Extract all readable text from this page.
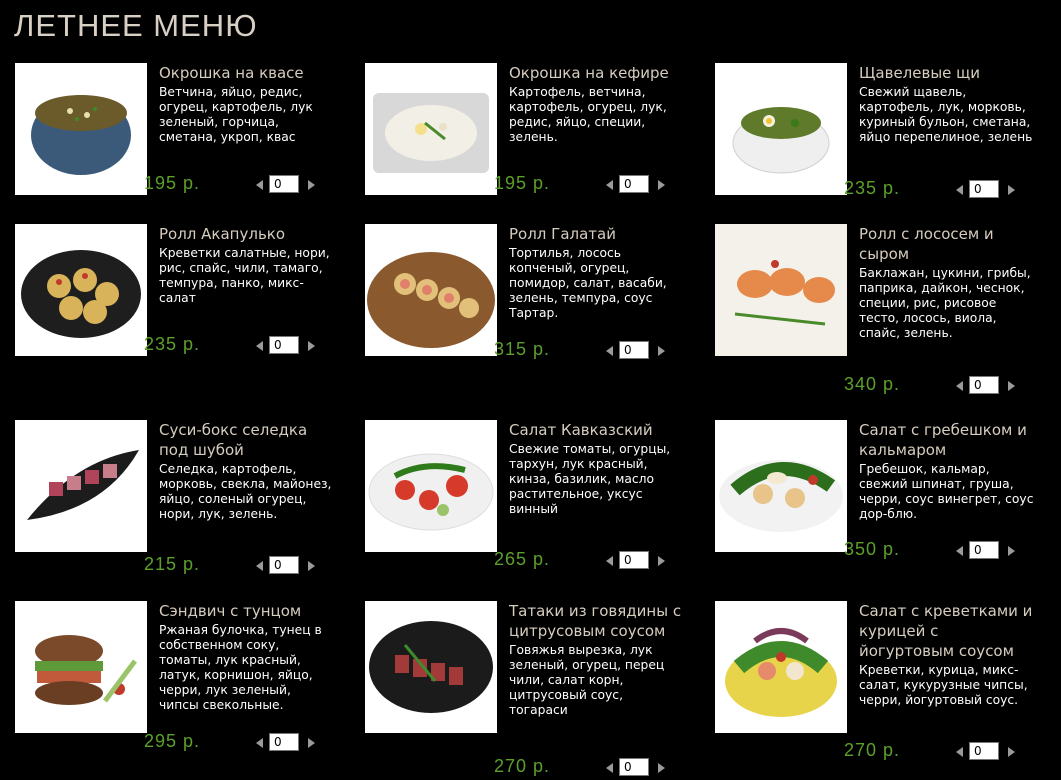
ЛЕТНЕЕ МЕНЮ
Окрошка на квасе
Ветчина, яйцо, редис, огурец, картофель, лук зеленый, горчица, сметана, укроп, квас
195 р.
0
Окрошка на кефире
Картофель, ветчина, картофель, огурец, лук, редис, яйцо, специи, зелень.
195 р.
0
Щавелевые щи
Свежий щавель, картофель, лук, морковь, куриный бульон, сметана, яйцо перепелиное, зелень
235 р.
0
Ролл Акапулько
Креветки салатные, нори, рис, спайс, чили, тамаго, темпура, панко, микс-салат
235 р.
0
Ролл Галатай
Тортилья, лосось копченый, огурец, помидор, салат, васаби, зелень, темпура, соус Тартар.
315 р.
0
Ролл с лососем и сыром
Баклажан, цукини, грибы, паприка, дайкон, чеснок, специи, рис, рисовое тесто, лосось, виола, спайс, зелень.
340 р.
0
Суси-бокс селедка под шубой
Селедка, картофель, морковь, свекла, майонез, яйцо, соленый огурец, нори, лук, зелень.
215 р.
0
Салат Кавказский
Свежие томаты, огурцы, тархун, лук красный, кинза, базилик, масло растительное, уксус винный
265 р.
0
Салат с гребешком и кальмаром
Гребешок, кальмар, свежий шпинат, груша, черри, соус винегрет, соус дор-блю.
350 р.
0
Сэндвич с тунцом
Ржаная булочка, тунец в собственном соку, томаты, лук красный, латук, корнишон, яйцо, черри, лук зеленый, чипсы свекольные.
295 р.
0
Татаки из говядины с цитрусовым соусом
Говяжья вырезка, лук зеленый, огурец, перец чили, салат корн, цитрусовый соус, тогараси
270 р.
0
Салат с креветками и курицей с йогуртовым соусом
Креветки, курица, микс-салат, кукурузные чипсы, черри, йогуртовый соус.
270 р.
0
